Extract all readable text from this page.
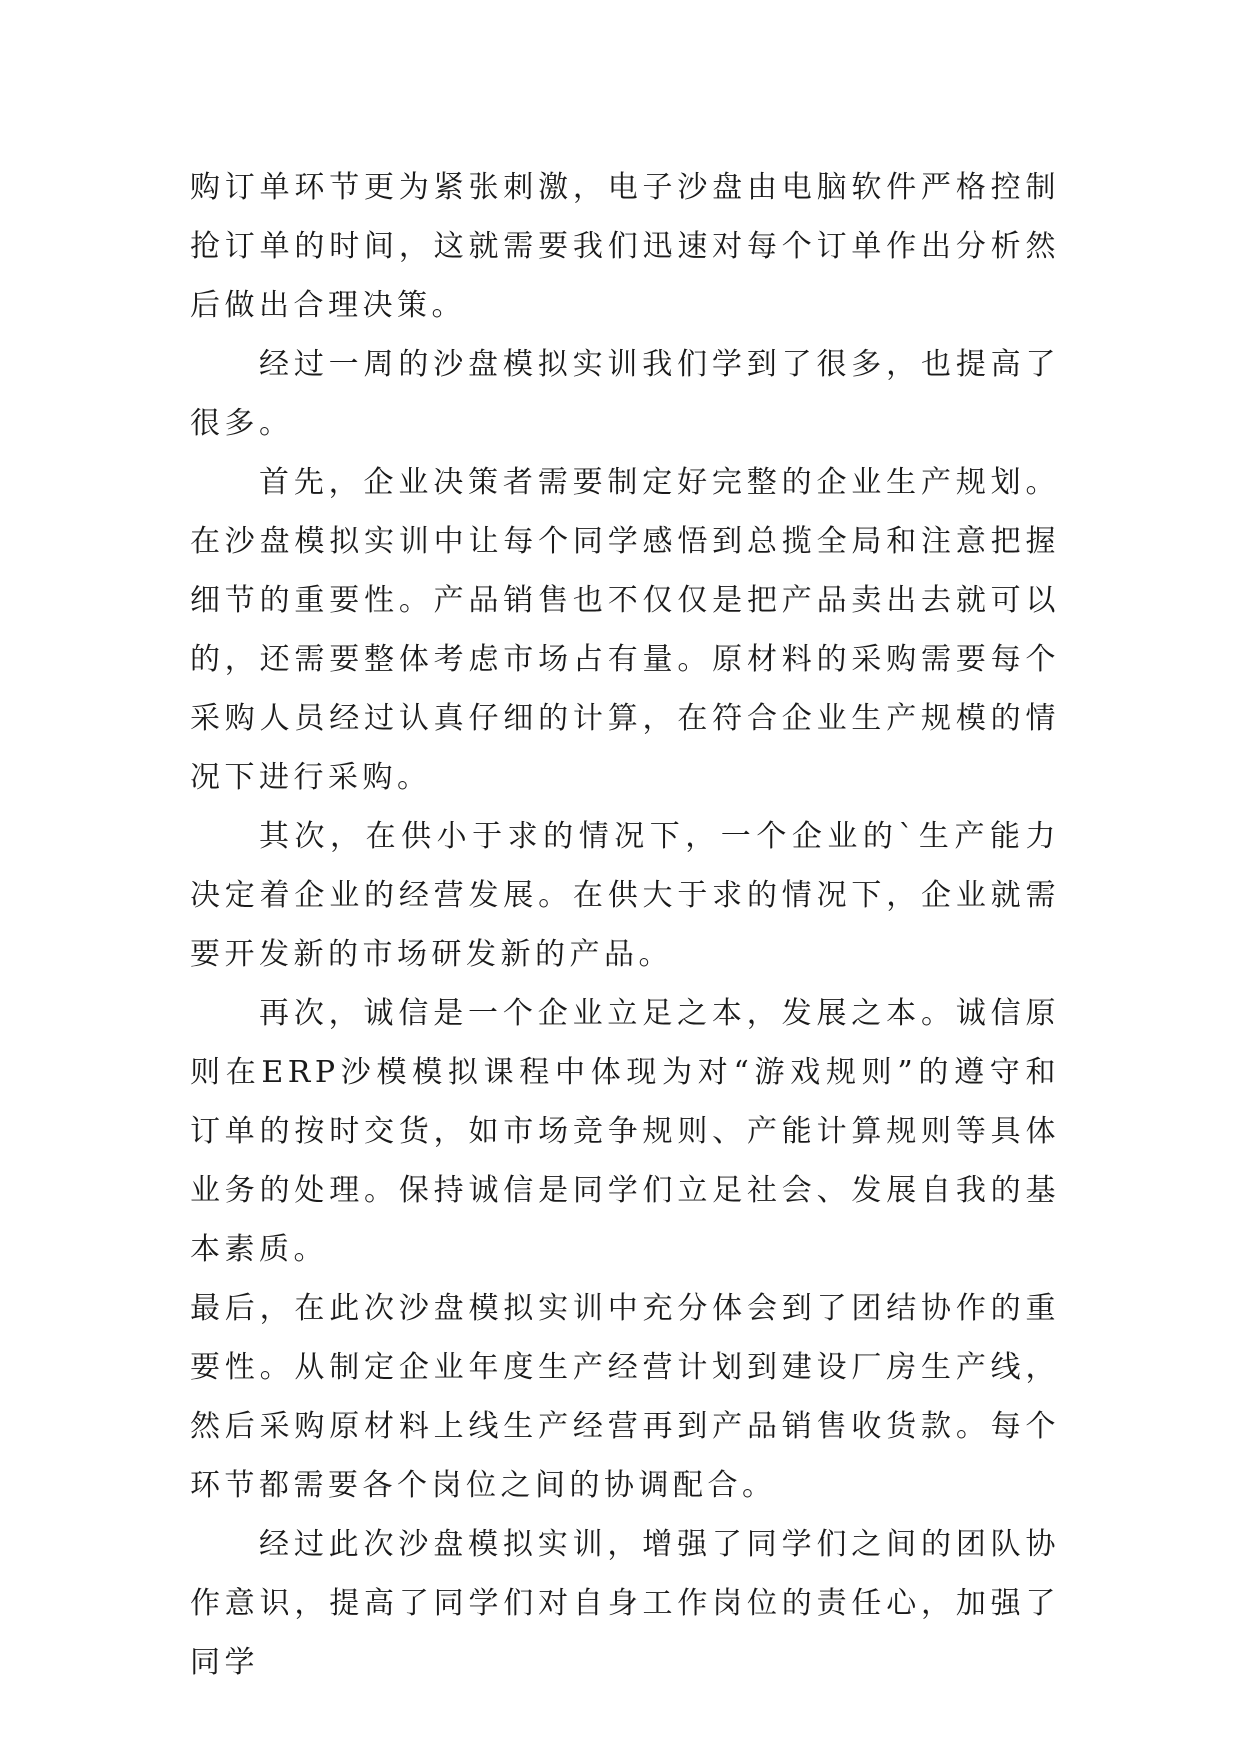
购订单环节更为紧张刺激，电子沙盘由电脑软件严格控制抢订单的时间，这就需要我们迅速对每个订单作出分析然后做出合理决策。

经过一周的沙盘模拟实训我们学到了很多，也提高了很多。

首先，企业决策者需要制定好完整的企业生产规划。在沙盘模拟实训中让每个同学感悟到总揽全局和注意把握细节的重要性。产品销售也不仅仅是把产品卖出去就可以的，还需要整体考虑市场占有量。原材料的采购需要每个采购人员经过认真仔细的计算，在符合企业生产规模的情况下进行采购。

其次，在供小于求的情况下，一个企业的`生产能力决定着企业的经营发展。在供大于求的情况下，企业就需要开发新的市场研发新的产品。

再次，诚信是一个企业立足之本，发展之本。诚信原则在ERP沙模模拟课程中体现为对“游戏规则”的遵守和订单的按时交货，如市场竞争规则、产能计算规则等具体业务的处理。保持诚信是同学们立足社会、发展自我的基本素质。

最后，在此次沙盘模拟实训中充分体会到了团结协作的重要性。从制定企业年度生产经营计划到建设厂房生产线，然后采购原材料上线生产经营再到产品销售收货款。每个环节都需要各个岗位之间的协调配合。

经过此次沙盘模拟实训，增强了同学们之间的团队协作意识，提高了同学们对自身工作岗位的责任心，加强了同学
